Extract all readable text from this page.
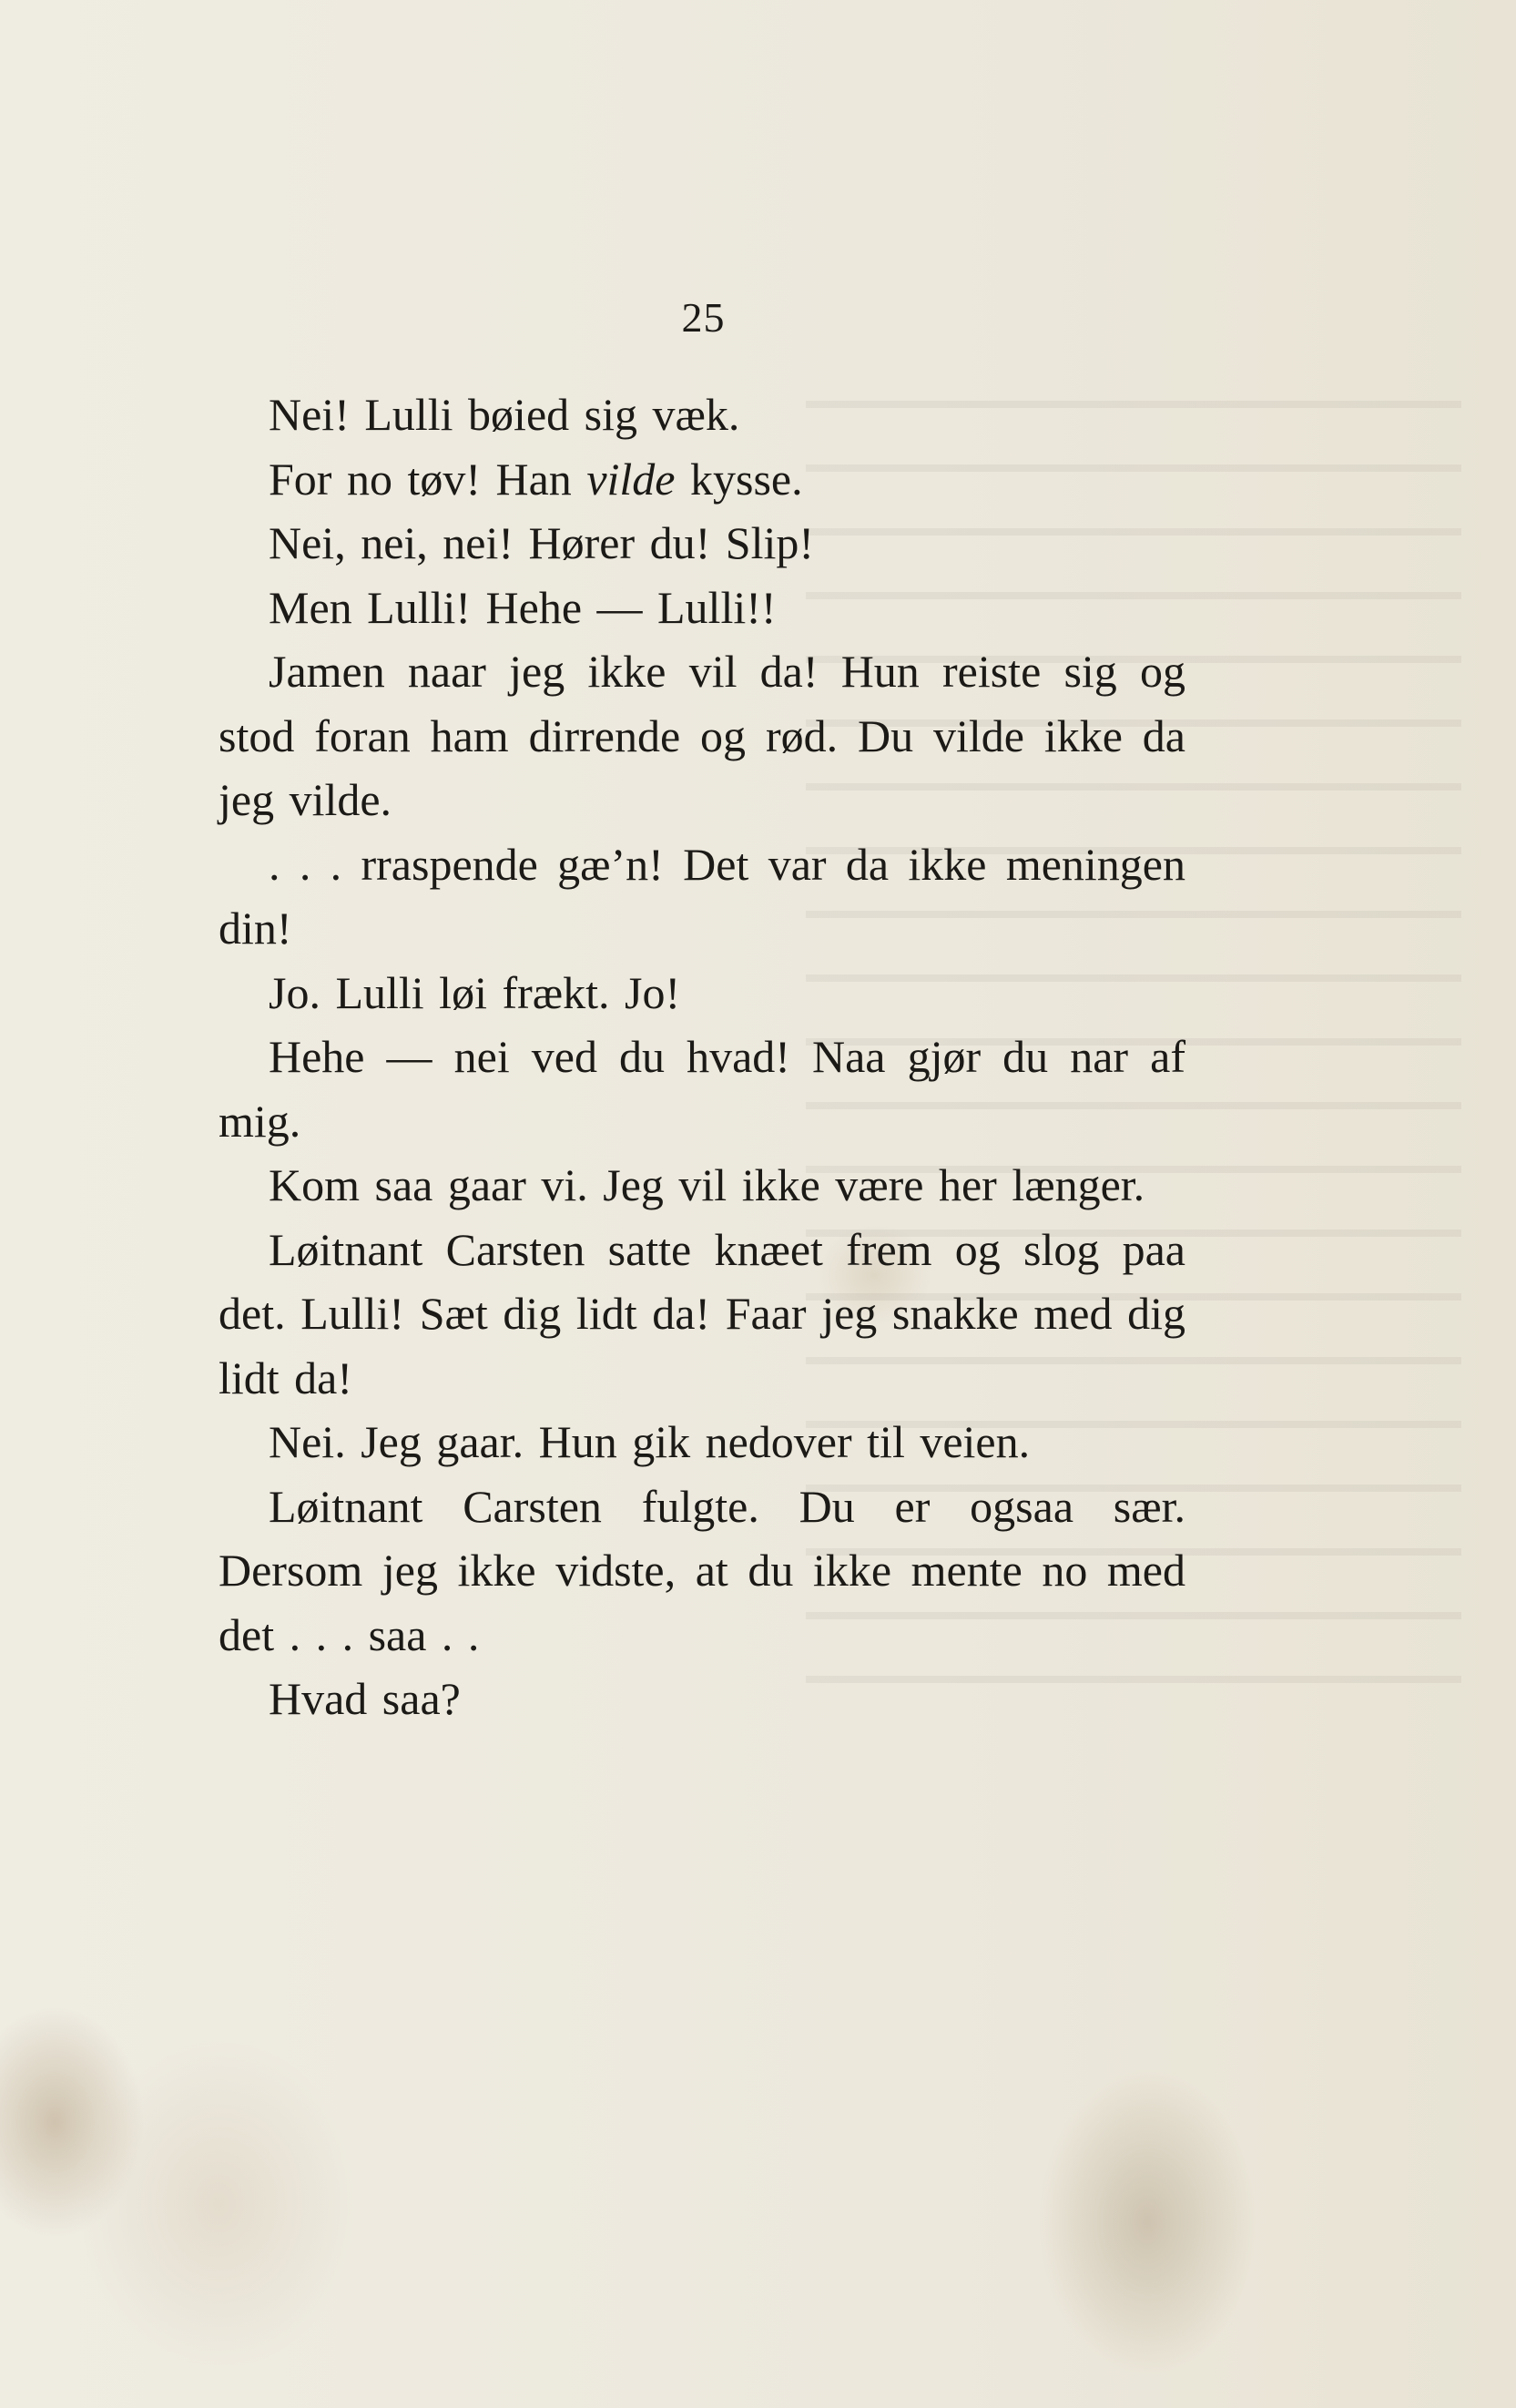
25

Nei! Lulli bøied sig væk.

For no tøv! Han vilde kysse.

Nei, nei, nei! Hører du! Slip!

Men Lulli! Hehe — Lulli!!

Jamen naar jeg ikke vil da! Hun reiste sig og stod foran ham dirrende og rød. Du vilde ikke da jeg vilde.

. . . rraspende gæ’n! Det var da ikke meningen din!

Jo. Lulli løi frækt. Jo!

Hehe — nei ved du hvad! Naa gjør du nar af mig.

Kom saa gaar vi. Jeg vil ikke være her længer.

Løitnant Carsten satte knæet frem og slog paa det. Lulli! Sæt dig lidt da! Faar jeg snakke med dig lidt da!

Nei. Jeg gaar. Hun gik nedover til veien.

Løitnant Carsten fulgte. Du er ogsaa sær. Dersom jeg ikke vidste, at du ikke mente no med det . . . saa . .

Hvad saa?
